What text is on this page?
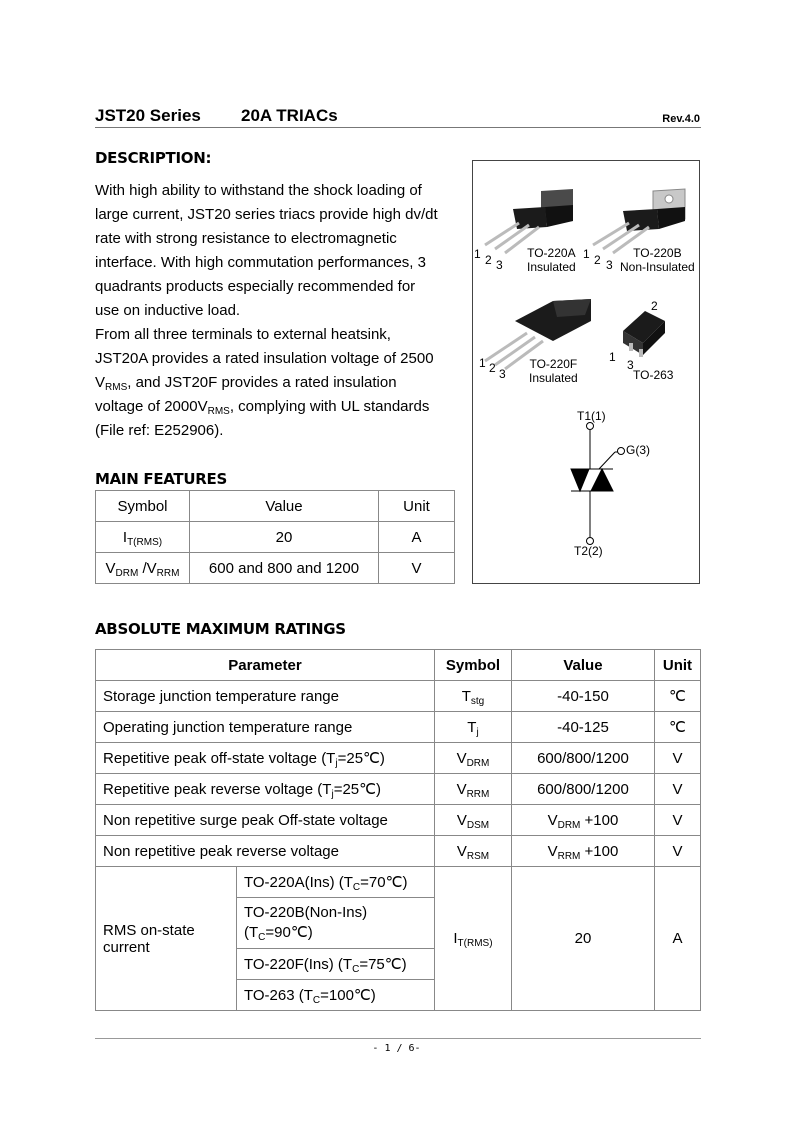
JST20 Series 20A TRIACs	Rev.4.0
DESCRIPTION:
With high ability to withstand the shock loading of
large current, JST20 series triacs provide high dv/dt
rate with strong resistance to electromagnetic
interface. With high commutation performances, 3
quadrants products especially recommended for
use on inductive load.
From all three terminals to external heatsink,
JST20A provides a rated insulation voltage of 2500
$V_{RMS}$, and JST20F provides a rated insulation
voltage of $2000V_{RMS}$, complying with UL standards
(File ref: E252906).
MAIN FEATURES
Symbol	Value	Unit
$I_{T(RMS)}$	20	A
$V_{DRM}$ $/V_{RRM}$	600 and 800 and 1200	V
1 2 3
TO-220A
Insulated
1 2 3
TO-220B
Non-Insulated
1 2 3
TO-220F
Insulated
2
1
3
TO-263
T1(1)
G(3)
T2(2)
ABSOLUTE MAXIMUM RATINGS
Parameter		Symbol	Value	Unit
Storage junction temperature range		$T_{stg}$	-40-150	℃
Operating junction temperature range		$T_j$	-40-125	℃
Repetitive peak off-state voltage $(T_j=25℃)$		$V_{DRM}$	600/800/1200	V
Repetitive peak reverse voltage $(T_j=25℃)$		$V_{RRM}$	600/800/1200	V
Non repetitive surge peak Off-state voltage		$V_{DSM}$	$V_{DRM} +100$	V
Non repetitive peak reverse voltage		$V_{RSM}$	$V_{RRM} +100$	V

RMS on-state
current	TO-220A(Ins) $(T_C=70℃)$	$I_{T(RMS)}$	20	A

	TO-220B(Non-Ins)
$(T_C=90℃)$			

	TO-220F(Ins) $(T_C=75℃)$			
	TO-263 $(T_C=100℃)$			
- 1 / 6-
